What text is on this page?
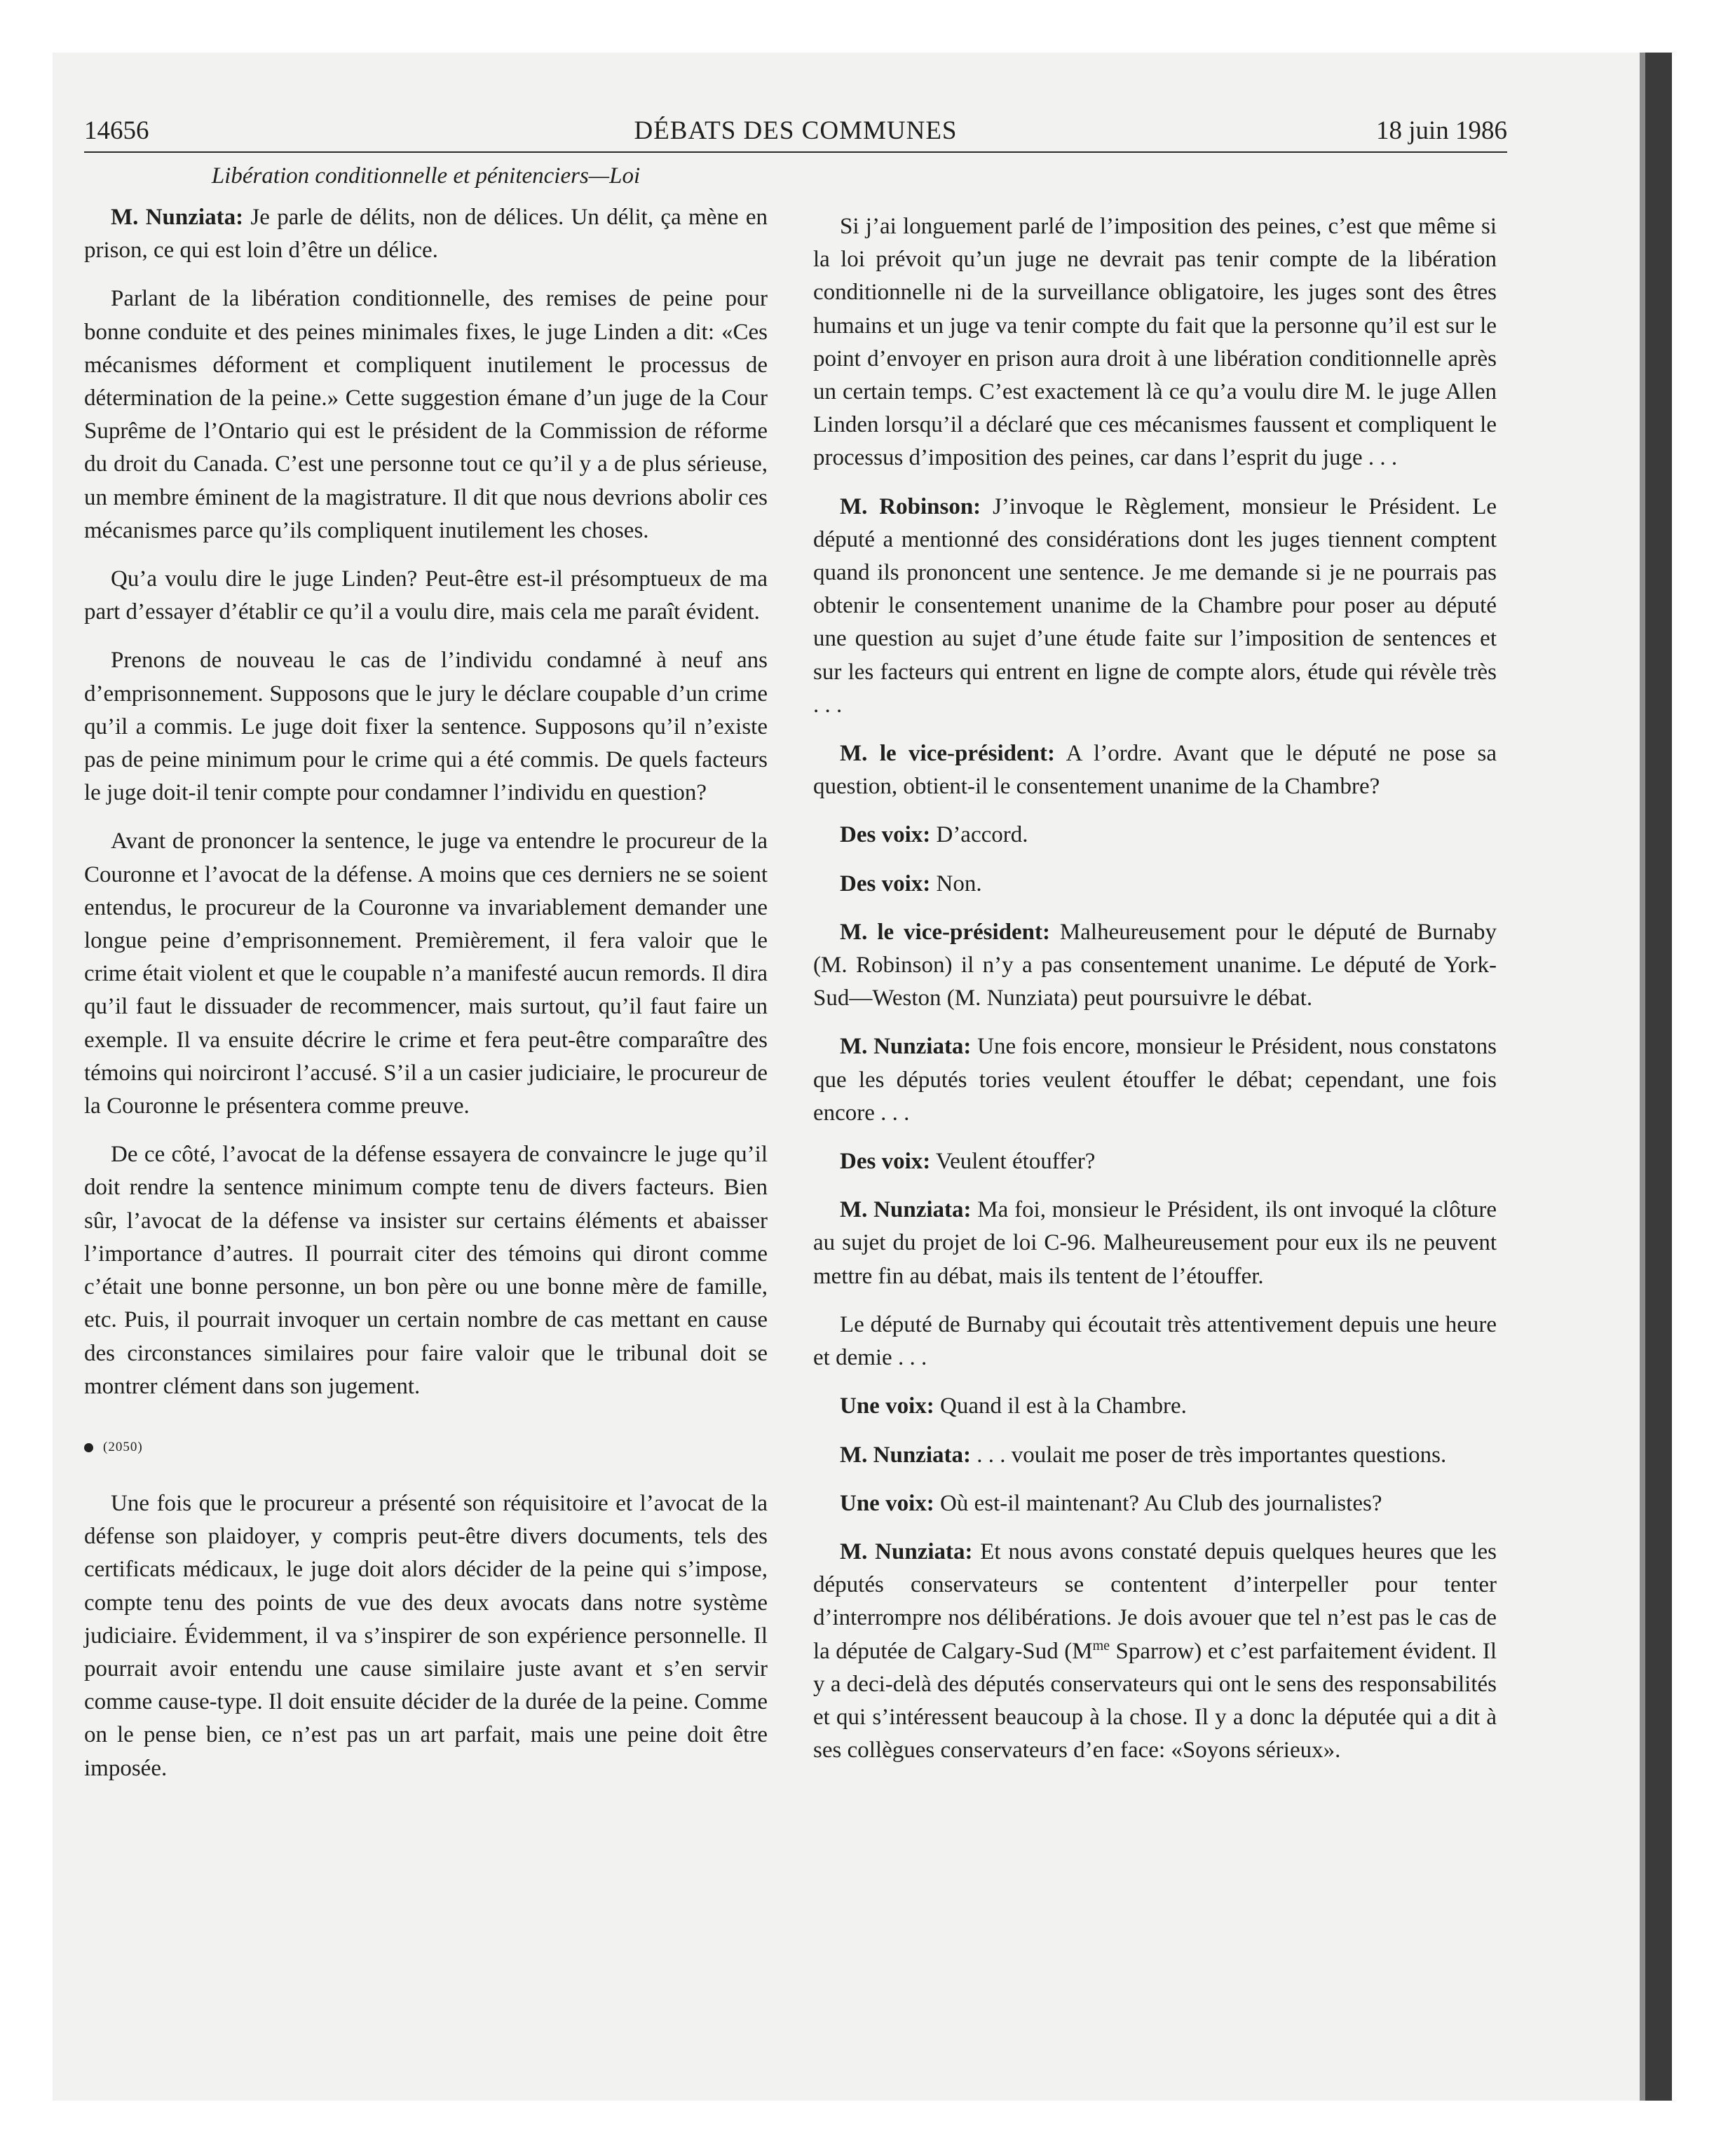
14656	DÉBATS DES COMMUNES	18 juin 1986
Libération conditionnelle et pénitenciers—Loi

M. Nunziata: Je parle de délits, non de délices. Un délit, ça mène en prison, ce qui est loin d’être un délice.

Parlant de la libération conditionnelle, des remises de peine pour bonne conduite et des peines minimales fixes, le juge Linden a dit: «Ces mécanismes déforment et compliquent inutilement le processus de détermination de la peine.» Cette suggestion émane d’un juge de la Cour Suprême de l’Ontario qui est le président de la Commission de réforme du droit du Canada. C’est une personne tout ce qu’il y a de plus sérieuse, un membre éminent de la magistrature. Il dit que nous devrions abolir ces mécanismes parce qu’ils compliquent inutilement les choses.

Qu’a voulu dire le juge Linden? Peut-être est-il présomptueux de ma part d’essayer d’établir ce qu’il a voulu dire, mais cela me paraît évident.

Prenons de nouveau le cas de l’individu condamné à neuf ans d’emprisonnement. Supposons que le jury le déclare coupable d’un crime qu’il a commis. Le juge doit fixer la sentence. Supposons qu’il n’existe pas de peine minimum pour le crime qui a été commis. De quels facteurs le juge doit-il tenir compte pour condamner l’individu en question?

Avant de prononcer la sentence, le juge va entendre le procureur de la Couronne et l’avocat de la défense. A moins que ces derniers ne se soient entendus, le procureur de la Couronne va invariablement demander une longue peine d’emprisonnement. Premièrement, il fera valoir que le crime était violent et que le coupable n’a manifesté aucun remords. Il dira qu’il faut le dissuader de recommencer, mais surtout, qu’il faut faire un exemple. Il va ensuite décrire le crime et fera peut-être comparaître des témoins qui noirciront l’accusé. S’il a un casier judiciaire, le procureur de la Couronne le présentera comme preuve.

De ce côté, l’avocat de la défense essayera de convaincre le juge qu’il doit rendre la sentence minimum compte tenu de divers facteurs. Bien sûr, l’avocat de la défense va insister sur certains éléments et abaisser l’importance d’autres. Il pourrait citer des témoins qui diront comme c’était une bonne personne, un bon père ou une bonne mère de famille, etc. Puis, il pourrait invoquer un certain nombre de cas mettant en cause des circonstances similaires pour faire valoir que le tribunal doit se montrer clément dans son jugement.

(2050)

Une fois que le procureur a présenté son réquisitoire et l’avocat de la défense son plaidoyer, y compris peut-être divers documents, tels des certificats médicaux, le juge doit alors décider de la peine qui s’impose, compte tenu des points de vue des deux avocats dans notre système judiciaire. Évidemment, il va s’inspirer de son expérience personnelle. Il pourrait avoir entendu une cause similaire juste avant et s’en servir comme cause-type. Il doit ensuite décider de la durée de la peine. Comme on le pense bien, ce n’est pas un art parfait, mais une peine doit être imposée.

Si j’ai longuement parlé de l’imposition des peines, c’est que même si la loi prévoit qu’un juge ne devrait pas tenir compte de la libération conditionnelle ni de la surveillance obligatoire, les juges sont des êtres humains et un juge va tenir compte du fait que la personne qu’il est sur le point d’envoyer en prison aura droit à une libération conditionnelle après un certain temps. C’est exactement là ce qu’a voulu dire M. le juge Allen Linden lorsqu’il a déclaré que ces mécanismes faussent et compliquent le processus d’imposition des peines, car dans l’esprit du juge . . .

M. Robinson: J’invoque le Règlement, monsieur le Président. Le député a mentionné des considérations dont les juges tiennent comptent quand ils prononcent une sentence. Je me demande si je ne pourrais pas obtenir le consentement unanime de la Chambre pour poser au député une question au sujet d’une étude faite sur l’imposition de sentences et sur les facteurs qui entrent en ligne de compte alors, étude qui révèle très . . .

M. le vice-président: A l’ordre. Avant que le député ne pose sa question, obtient-il le consentement unanime de la Chambre?

Des voix: D’accord.

Des voix: Non.

M. le vice-président: Malheureusement pour le député de Burnaby (M. Robinson) il n’y a pas consentement unanime. Le député de York-Sud—Weston (M. Nunziata) peut poursuivre le débat.

M. Nunziata: Une fois encore, monsieur le Président, nous constatons que les députés tories veulent étouffer le débat; cependant, une fois encore . . .

Des voix: Veulent étouffer?

M. Nunziata: Ma foi, monsieur le Président, ils ont invoqué la clôture au sujet du projet de loi C-96. Malheureusement pour eux ils ne peuvent mettre fin au débat, mais ils tentent de l’étouffer.

Le député de Burnaby qui écoutait très attentivement depuis une heure et demie . . .

Une voix: Quand il est à la Chambre.

M. Nunziata: . . . voulait me poser de très importantes questions.

Une voix: Où est-il maintenant? Au Club des journalistes?

M. Nunziata: Et nous avons constaté depuis quelques heures que les députés conservateurs se contentent d’interpeller pour tenter d’interrompre nos délibérations. Je dois avouer que tel n’est pas le cas de la députée de Calgary-Sud ($M^{me}$ Sparrow) et c’est parfaitement évident. Il y a deci-delà des députés conservateurs qui ont le sens des responsabilités et qui s’intéressent beaucoup à la chose. Il y a donc la députée qui a dit à ses collègues conservateurs d’en face: «Soyons sérieux».
